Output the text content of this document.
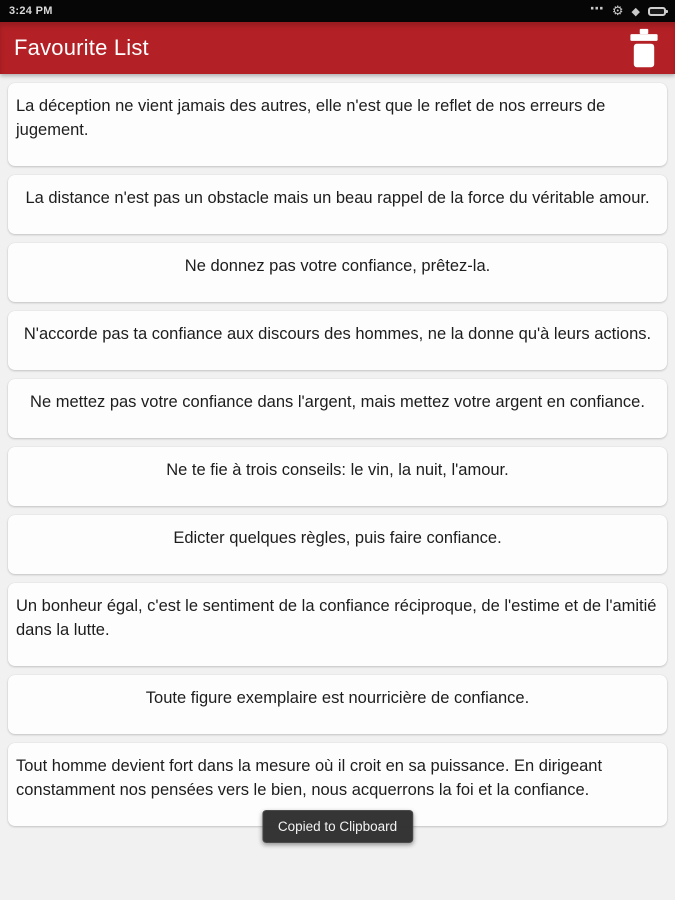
3:24 PM	⋯ ⚙ ◆
Favourite List
La déception ne vient jamais des autres, elle n'est que le reflet de nos erreurs de jugement.
La distance n'est pas un obstacle mais un beau rappel de la force du véritable amour.
Ne donnez pas votre confiance, prêtez-la.
N'accorde pas ta confiance aux discours des hommes, ne la donne qu'à leurs actions.
Ne mettez pas votre confiance dans l'argent, mais mettez votre argent en confiance.
Ne te fie à trois conseils: le vin, la nuit, l'amour.
Edicter quelques règles, puis faire confiance.
Un bonheur égal, c'est le sentiment de la confiance réciproque, de l'estime et de l'amitié dans la lutte.
Toute figure exemplaire est nourricière de confiance.
Tout homme devient fort dans la mesure où il croit en sa puissance. En dirigeant constamment nos pensées vers le bien, nous acquerrons la foi et la confiance.
Copied to Clipboard
